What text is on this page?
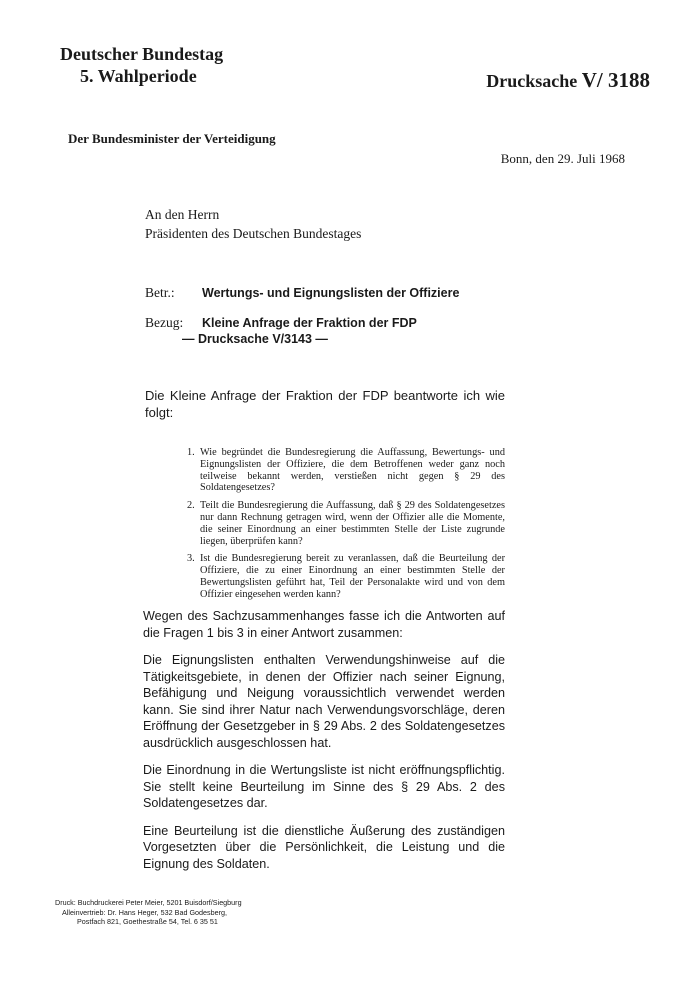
Deutscher Bundestag
5. Wahlperiode	Drucksache V/ 3188
Der Bundesminister der Verteidigung
Bonn, den 29. Juli 1968
An den Herrn
Präsidenten des Deutschen Bundestages
Betr.: Wertungs- und Eignungslisten der Offiziere
Bezug: Kleine Anfrage der Fraktion der FDP
— Drucksache V/3143 —
Die Kleine Anfrage der Fraktion der FDP beantworte ich wie folgt:
1. Wie begründet die Bundesregierung die Auffassung, Bewertungs- und Eignungslisten der Offiziere, die dem Betroffenen weder ganz noch teilweise bekannt werden, verstießen nicht gegen § 29 des Soldatengesetzes?
2. Teilt die Bundesregierung die Auffassung, daß § 29 des Soldatengesetzes nur dann Rechnung getragen wird, wenn der Offizier alle die Momente, die seiner Einordnung an einer bestimmten Stelle der Liste zugrunde liegen, überprüfen kann?
3. Ist die Bundesregierung bereit zu veranlassen, daß die Beurteilung der Offiziere, die zu einer Einordnung an einer bestimmten Stelle der Bewertungslisten geführt hat, Teil der Personalakte wird und von dem Offizier eingesehen werden kann?

Wegen des Sachzusammenhanges fasse ich die Antworten auf die Fragen 1 bis 3 in einer Antwort zusammen:

Die Eignungslisten enthalten Verwendungshinweise auf die Tätigkeitsgebiete, in denen der Offizier nach seiner Eignung, Befähigung und Neigung voraussichtlich verwendet werden kann. Sie sind ihrer Natur nach Verwendungsvorschläge, deren Eröffnung der Gesetzgeber in § 29 Abs. 2 des Soldatengesetzes ausdrücklich ausgeschlossen hat.

Die Einordnung in die Wertungsliste ist nicht eröffnungspflichtig. Sie stellt keine Beurteilung im Sinne des § 29 Abs. 2 des Soldatengesetzes dar.

Eine Beurteilung ist die dienstliche Äußerung des zuständigen Vorgesetzten über die Persönlichkeit, die Leistung und die Eignung des Soldaten.

Druck: Buchdruckerei Peter Meier, 5201 Buisdorf/Siegburg
Alleinvertrieb: Dr. Hans Heger, 532 Bad Godesberg,
Postfach 821, Goethestraße 54, Tel. 6 35 51
